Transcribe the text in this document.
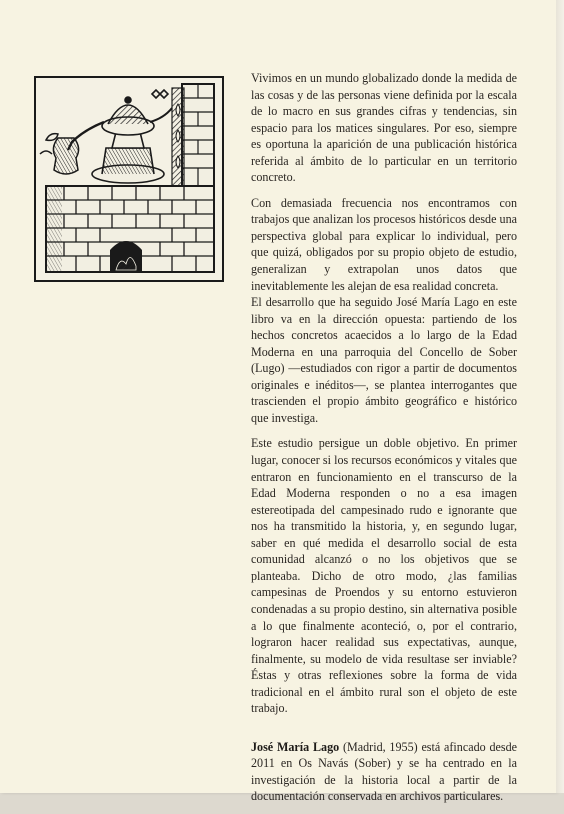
Vivimos en un mundo globalizado donde la medida de las cosas y de las personas viene definida por la escala de lo macro en sus grandes cifras y tendencias, sin espacio para los matices singulares. Por eso, siempre es oportuna la aparición de una publicación histórica referida al ámbito de lo particular en un territorio concreto.

Con demasiada frecuencia nos encontramos con trabajos que analizan los procesos históricos desde una perspectiva global para explicar lo individual, pero que quizá, obligados por su propio objeto de estudio, generalizan y extrapolan unos datos que inevitablemente les alejan de esa realidad concreta.

El desarrollo que ha seguido José María Lago en este libro va en la dirección opuesta: partiendo de los hechos concretos acaecidos a lo largo de la Edad Moderna en una parroquia del Concello de Sober (Lugo) —estudiados con rigor a partir de documentos originales e inéditos—, se plantea interrogantes que trascienden el propio ámbito geográfico e histórico que investiga.

Este estudio persigue un doble objetivo. En primer lugar, conocer si los recursos económicos y vitales que entraron en funcionamiento en el transcurso de la Edad Moderna responden o no a esa imagen estereotipada del campesinado rudo e ignorante que nos ha transmitido la historia, y, en segundo lugar, saber en qué medida el desarrollo social de esta comunidad alcanzó o no los objetivos que se planteaba. Dicho de otro modo, ¿las familias campesinas de Proendos y su entorno estuvieron condenadas a su propio destino, sin alternativa posible a lo que finalmente aconteció, o, por el contrario, lograron hacer realidad sus expectativas, aunque, finalmente, su modelo de vida resultase ser inviable? Éstas y otras reflexiones sobre la forma de vida tradicional en el ámbito rural son el objeto de este trabajo.

José María Lago (Madrid, 1955) está afincado desde 2011 en Os Navás (Sober) y se ha centrado en la investigación de la historia local a partir de la documentación conservada en archivos particulares.
